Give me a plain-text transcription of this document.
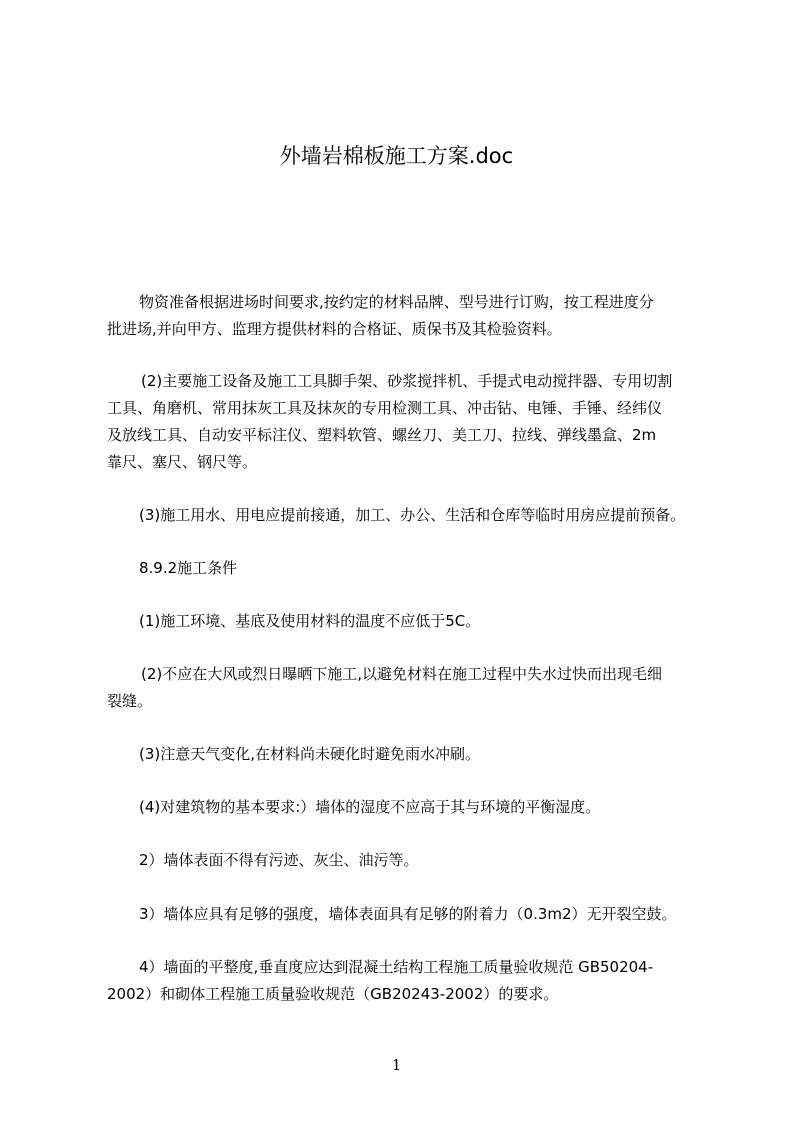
外墙岩棉板施工方案.doc
物资准备根据进场时间要求,按约定的材料品牌、型号进行订购，按工程进度分
批进场,并向甲方、监理方提供材料的合格证、质保书及其检验资料。
(2)主要施工设备及施工工具脚手架、砂浆搅拌机、手提式电动搅拌器、专用切割
工具、角磨机、常用抹灰工具及抹灰的专用检测工具、冲击钻、电锤、手锤、经纬仪
及放线工具、自动安平标注仪、塑料软管、螺丝刀、美工刀、拉线、弹线墨盒、2m
靠尺、塞尺、钢尺等。
(3)施工用水、用电应提前接通，加工、办公、生活和仓库等临时用房应提前预备。
8.9.2施工条件
(1)施工环境、基底及使用材料的温度不应低于5C。
(2)不应在大风或烈日曝晒下施工,以避免材料在施工过程中失水过快而出现毛细
裂缝。
(3)注意天气变化,在材料尚未硬化时避免雨水冲刷。
(4)对建筑物的基本要求:）墙体的湿度不应高于其与环境的平衡湿度。
2）墙体表面不得有污迹、灰尘、油污等。
3）墙体应具有足够的强度，墙体表面具有足够的附着力（0.3m2）无开裂空鼓。
4）墙面的平整度,垂直度应达到混凝土结构工程施工质量验收规范 GB50204-
2002）和砌体工程施工质量验收规范（GB20243-2002）的要求。
1
